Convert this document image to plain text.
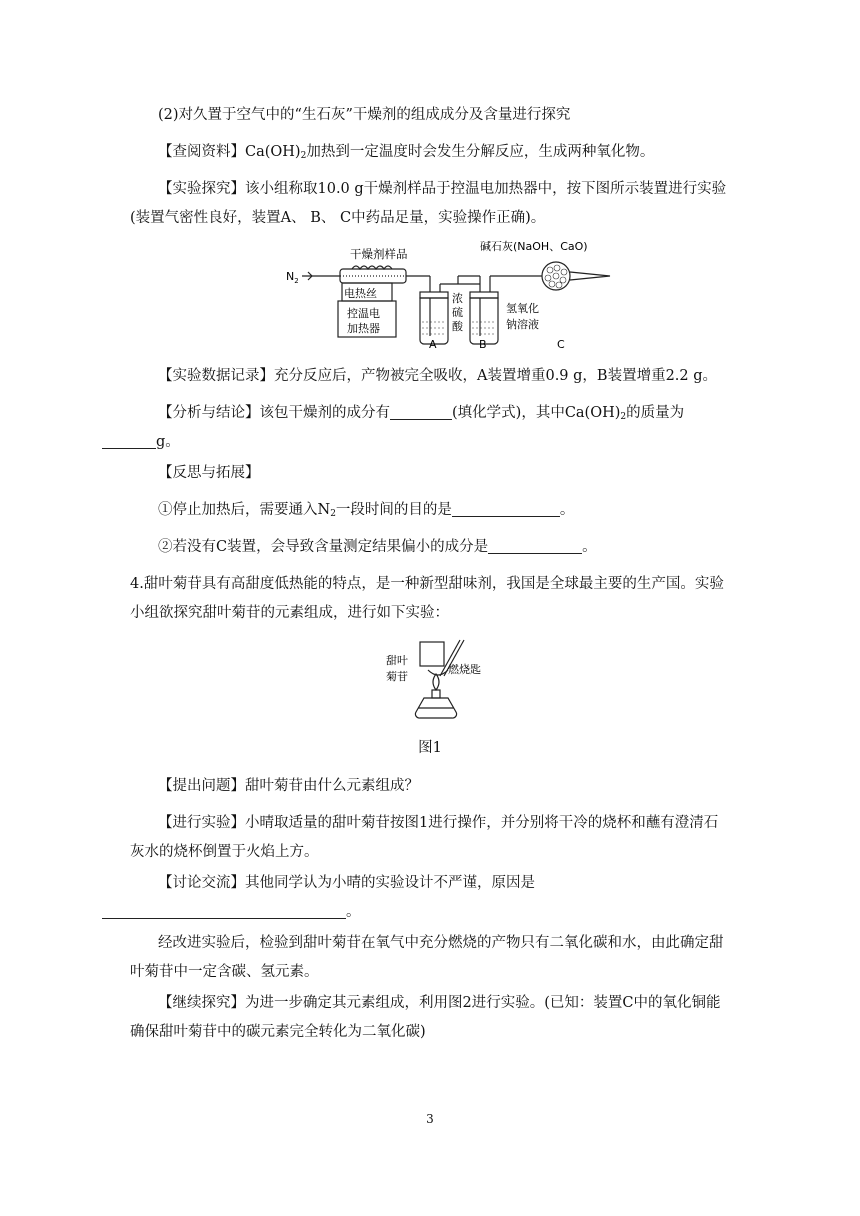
(2)对久置于空气中的“生石灰”干燥剂的组成成分及含量进行探究

【查阅资料】$Ca(OH)_2$加热到一定温度时会发生分解反应，生成两种氧化物。

【实验探究】该小组称取10.0 g干燥剂样品于控温电加热器中，按下图所示装置进行实验(装置气密性良好，装置A、 B、 C中药品足量，实验操作正确)。

干燥剂样品
电热丝
控温电
加热器
$N_2$
浓
硫
酸
氢氧化
钠溶液
碱石灰(NaOH、CaO)
A	B	C

【实验数据记录】充分反应后，产物被完全吸收，A装置增重0.9 g，B装置增重2.2 g。

【分析与结论】该包干燥剂的成分有	(填化学式)，其中$Ca(OH)_2$的质量为
g。

【反思与拓展】

①停止加热后，需要通入$N_2$一段时间的目的是	。

②若没有C装置，会导致含量测定结果偏小的成分是	。

4.甜叶菊苷具有高甜度低热能的特点，是一种新型甜味剂，我国是全球最主要的生产国。实验小组欲探究甜叶菊苷的元素组成，进行如下实验：

甜叶
菊苷
燃烧匙
图1

【提出问题】甜叶菊苷由什么元素组成？

【进行实验】小晴取适量的甜叶菊苷按图1进行操作，并分别将干冷的烧杯和蘸有澄清石灰水的烧杯倒置于火焰上方。

【讨论交流】其他同学认为小晴的实验设计不严谨，原因是
。

经改进实验后，检验到甜叶菊苷在氧气中充分燃烧的产物只有二氧化碳和水，由此确定甜叶菊苷中一定含碳、氢元素。

【继续探究】为进一步确定其元素组成，利用图2进行实验。(已知：装置C中的氧化铜能确保甜叶菊苷中的碳元素完全转化为二氧化碳)

3
